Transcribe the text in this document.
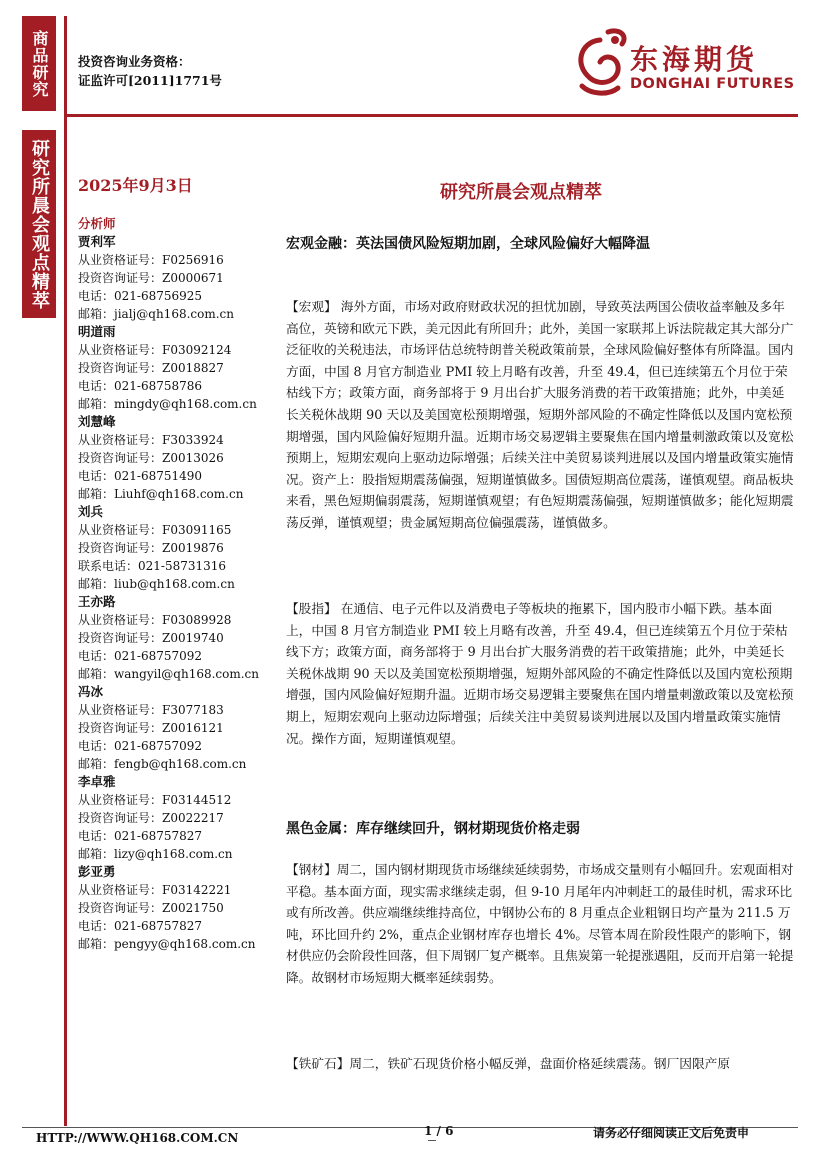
商品研究
研究所晨会观点精萃
投资咨询业务资格：
证监许可[2011]1771号
东海期货
DONGHAI FUTURES
2025年9月3日	研究所晨会观点精萃
分析师
贾利军
从业资格证号：F0256916
投资咨询证号：Z0000671
电话：021-68756925
邮箱：jialj@qh168.com.cn
明道雨
从业资格证号：F03092124
投资咨询证号：Z0018827
电话：021-68758786
邮箱：mingdy@qh168.com.cn
刘慧峰
从业资格证号：F3033924
投资咨询证号：Z0013026
电话：021-68751490
邮箱：Liuhf@qh168.com.cn
刘兵
从业资格证号：F03091165
投资咨询证号：Z0019876
联系电话：021-58731316
邮箱：liub@qh168.com.cn
王亦路
从业资格证号：F03089928
投资咨询证号：Z0019740
电话：021-68757092
邮箱：wangyil@qh168.com.cn
冯冰
从业资格证号：F3077183
投资咨询证号：Z0016121
电话：021-68757092
邮箱：fengb@qh168.com.cn
李卓雅
从业资格证号：F03144512
投资咨询证号：Z0022217
电话：021-68757827
邮箱：lizy@qh168.com.cn
彭亚勇
从业资格证号：F03142221
投资咨询证号：Z0021750
电话：021-68757827
邮箱：pengyy@qh168.com.cn
宏观金融：英法国债风险短期加剧，全球风险偏好大幅降温
【宏观】 海外方面，市场对政府财政状况的担忧加剧，导致英法两国公债收益率触及多年高位，英镑和欧元下跌，美元因此有所回升；此外，美国一家联邦上诉法院裁定其大部分广泛征收的关税违法，市场评估总统特朗普关税政策前景，全球风险偏好整体有所降温。国内方面，中国 8 月官方制造业 PMI 较上月略有改善，升至 49.4，但已连续第五个月位于荣枯线下方；政策方面，商务部将于 9 月出台扩大服务消费的若干政策措施；此外，中美延长关税休战期 90 天以及美国宽松预期增强，短期外部风险的不确定性降低以及国内宽松预期增强，国内风险偏好短期升温。近期市场交易逻辑主要聚焦在国内增量刺激政策以及宽松预期上，短期宏观向上驱动边际增强；后续关注中美贸易谈判进展以及国内增量政策实施情况。资产上：股指短期震荡偏强，短期谨慎做多。国债短期高位震荡，谨慎观望。商品板块来看，黑色短期偏弱震荡，短期谨慎观望；有色短期震荡偏强，短期谨慎做多；能化短期震荡反弹，谨慎观望；贵金属短期高位偏强震荡，谨慎做多。
【股指】 在通信、电子元件以及消费电子等板块的拖累下，国内股市小幅下跌。基本面上，中国 8 月官方制造业 PMI 较上月略有改善，升至 49.4，但已连续第五个月位于荣枯线下方；政策方面，商务部将于 9 月出台扩大服务消费的若干政策措施；此外，中美延长关税休战期 90 天以及美国宽松预期增强，短期外部风险的不确定性降低以及国内宽松预期增强，国内风险偏好短期升温。近期市场交易逻辑主要聚焦在国内增量刺激政策以及宽松预期上，短期宏观向上驱动边际增强；后续关注中美贸易谈判进展以及国内增量政策实施情况。操作方面，短期谨慎观望。
黑色金属：库存继续回升，钢材期现货价格走弱
【钢材】周二，国内钢材期现货市场继续延续弱势，市场成交量则有小幅回升。宏观面相对平稳。基本面方面，现实需求继续走弱，但 9-10 月尾年内冲刺赶工的最佳时机，需求环比或有所改善。供应端继续维持高位，中钢协公布的 8 月重点企业粗钢日均产量为 211.5 万吨，环比回升约 2%，重点企业钢材库存也增长 4%。尽管本周在阶段性限产的影响下，钢材供应仍会阶段性回落，但下周钢厂复产概率。且焦炭第一轮提涨遇阻，反而开启第一轮提降。故钢材市场短期大概率延续弱势。
【铁矿石】周二，铁矿石现货价格小幅反弹，盘面价格延续震荡。钢厂因限产原
HTTP://WWW.QH168.COM.CN	1 / 6	请务必仔细阅读正文后免责申
